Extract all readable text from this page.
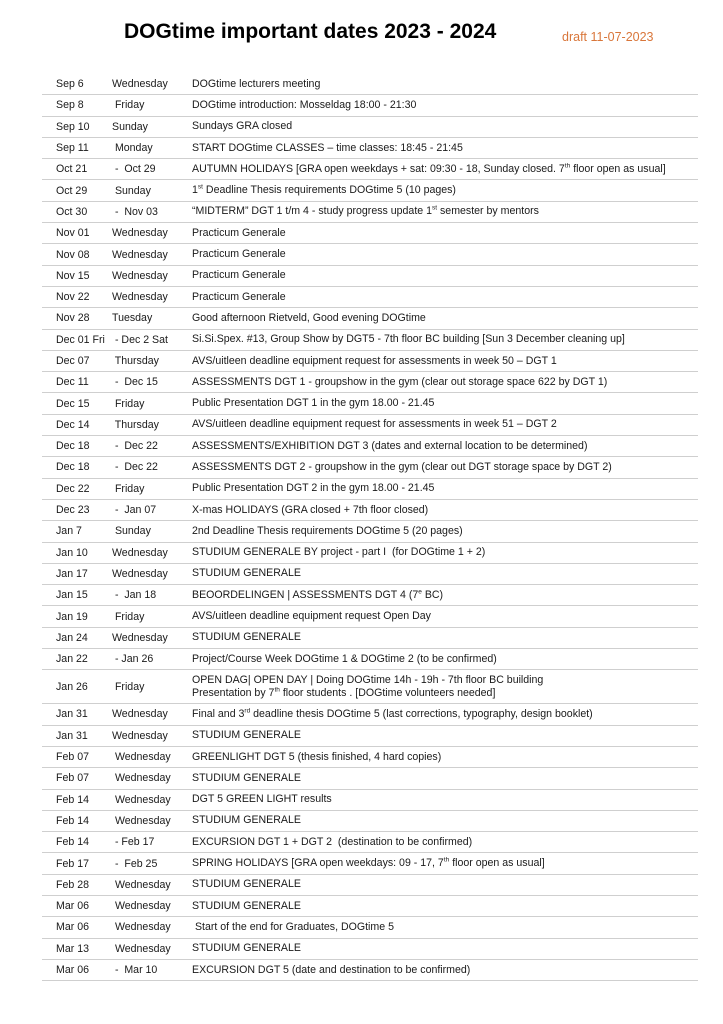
DOGtime important dates 2023 - 2024	draft 11-07-2023
Sep 6	Wednesday	DOGtime lecturers meeting
Sep 8	Friday	DOGtime introduction: Mosseldag 18:00 - 21:30
Sep 10	Sunday	Sundays GRA closed
Sep 11	Monday	START DOGtime CLASSES – time classes: 18:45 - 21:45
Oct 21	-  Oct 29	AUTUMN HOLIDAYS [GRA open weekdays + sat: 09:30 - 18, Sunday closed. 7th floor open as usual]
Oct 29	Sunday	1st Deadline Thesis requirements DOGtime 5 (10 pages)
Oct 30	-  Nov 03	“MIDTERM” DGT 1 t/m 4 - study progress update 1st semester by mentors
Nov 01	Wednesday	Practicum Generale
Nov 08	Wednesday	Practicum Generale
Nov 15	Wednesday	Practicum Generale
Nov 22	Wednesday	Practicum Generale
Nov 28	Tuesday	Good afternoon Rietveld, Good evening DOGtime
Dec 01 Fri - Dec 2 Sat	Si.Si.Spex. #13, Group Show by DGT5 - 7th floor BC building [Sun 3 December cleaning up]
Dec 07	Thursday	AVS/uitleen deadline equipment request for assessments in week 50 – DGT 1
Dec 11	-  Dec 15	ASSESSMENTS DGT 1 - groupshow in the gym (clear out storage space 622 by DGT 1)
Dec 15	Friday	Public Presentation DGT 1 in the gym 18.00 - 21.45
Dec 14	Thursday	AVS/uitleen deadline equipment request for assessments in week 51 – DGT 2
Dec 18	-  Dec 22	ASSESSMENTS/EXHIBITION DGT 3 (dates and external location to be determined)
Dec 18	-  Dec 22	ASSESSMENTS DGT 2 - groupshow in the gym (clear out DGT storage space by DGT 2)
Dec 22	Friday	Public Presentation DGT 2 in the gym 18.00 - 21.45
Dec 23	-  Jan 07	X-mas HOLIDAYS (GRA closed + 7th floor closed)
Jan 7	Sunday	2nd Deadline Thesis requirements DOGtime 5 (20 pages)
Jan 10	Wednesday	STUDIUM GENERALE BY project - part I  (for DOGtime 1 + 2)
Jan 17	Wednesday	STUDIUM GENERALE
Jan 15	-  Jan 18	BEOORDELINGEN | ASSESSMENTS DGT 4 (7e BC)
Jan 19	Friday	AVS/uitleen deadline equipment request Open Day
Jan 24	Wednesday	STUDIUM GENERALE
Jan 22	- Jan 26	Project/Course Week DOGtime 1 & DOGtime 2 (to be confirmed)
Jan 26	Friday
OPEN DAG| OPEN DAY | Doing DOGtime 14h - 19h - 7th floor BC building
Presentation by 7th floor students . [DOGtime volunteers needed]
Jan 31	Wednesday	Final and 3rd deadline thesis DOGtime 5 (last corrections, typography, design booklet)
Jan 31	Wednesday	STUDIUM GENERALE
Feb 07	Wednesday	GREENLIGHT DGT 5 (thesis finished, 4 hard copies)
Feb 07	Wednesday	STUDIUM GENERALE
Feb 14	Wednesday	DGT 5 GREEN LIGHT results
Feb 14	Wednesday	STUDIUM GENERALE
Feb 14	- Feb 17	EXCURSION DGT 1 + DGT 2  (destination to be confirmed)
Feb 17	-  Feb 25	SPRING HOLIDAYS [GRA open weekdays: 09 - 17, 7th floor open as usual]
Feb 28	Wednesday	STUDIUM GENERALE
Mar 06	Wednesday	STUDIUM GENERALE
Mar 06	Wednesday	Start of the end for Graduates, DOGtime 5
Mar 13	Wednesday	STUDIUM GENERALE
Mar 06	-  Mar 10	EXCURSION DGT 5 (date and destination to be confirmed)
